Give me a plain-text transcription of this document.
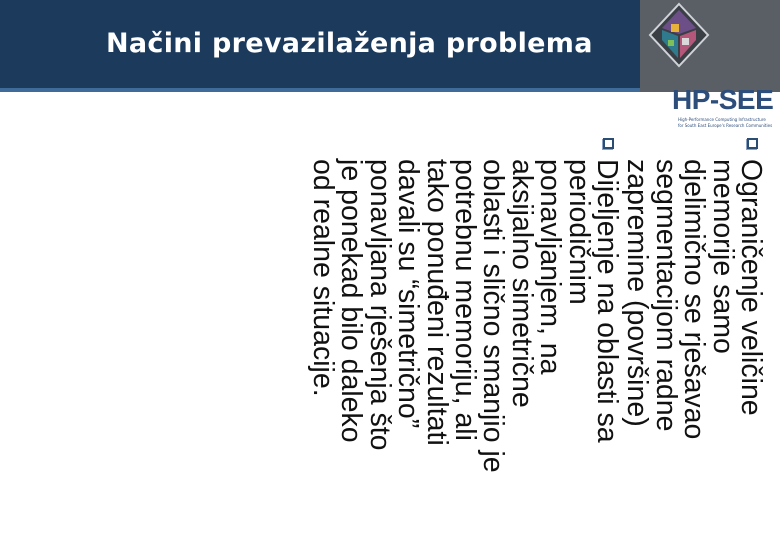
Načini prevazilaženja problema
HP-SEE
High-Performance Computing Infrastructure
for South East Europe's Research Communities
Ograničenje veličine memorije samo djelimično se rješavao segmentacijom radne zapremine (površine)
Dijeljenje na oblasti sa periodičnim ponavljanjem, na aksijalno simetrične oblasti i slično smanjio je potrebnu memoriju, ali tako ponuđeni rezultati davali su “simetrično” ponavljana rješenja što je ponekad bilo daleko od realne situacije.
